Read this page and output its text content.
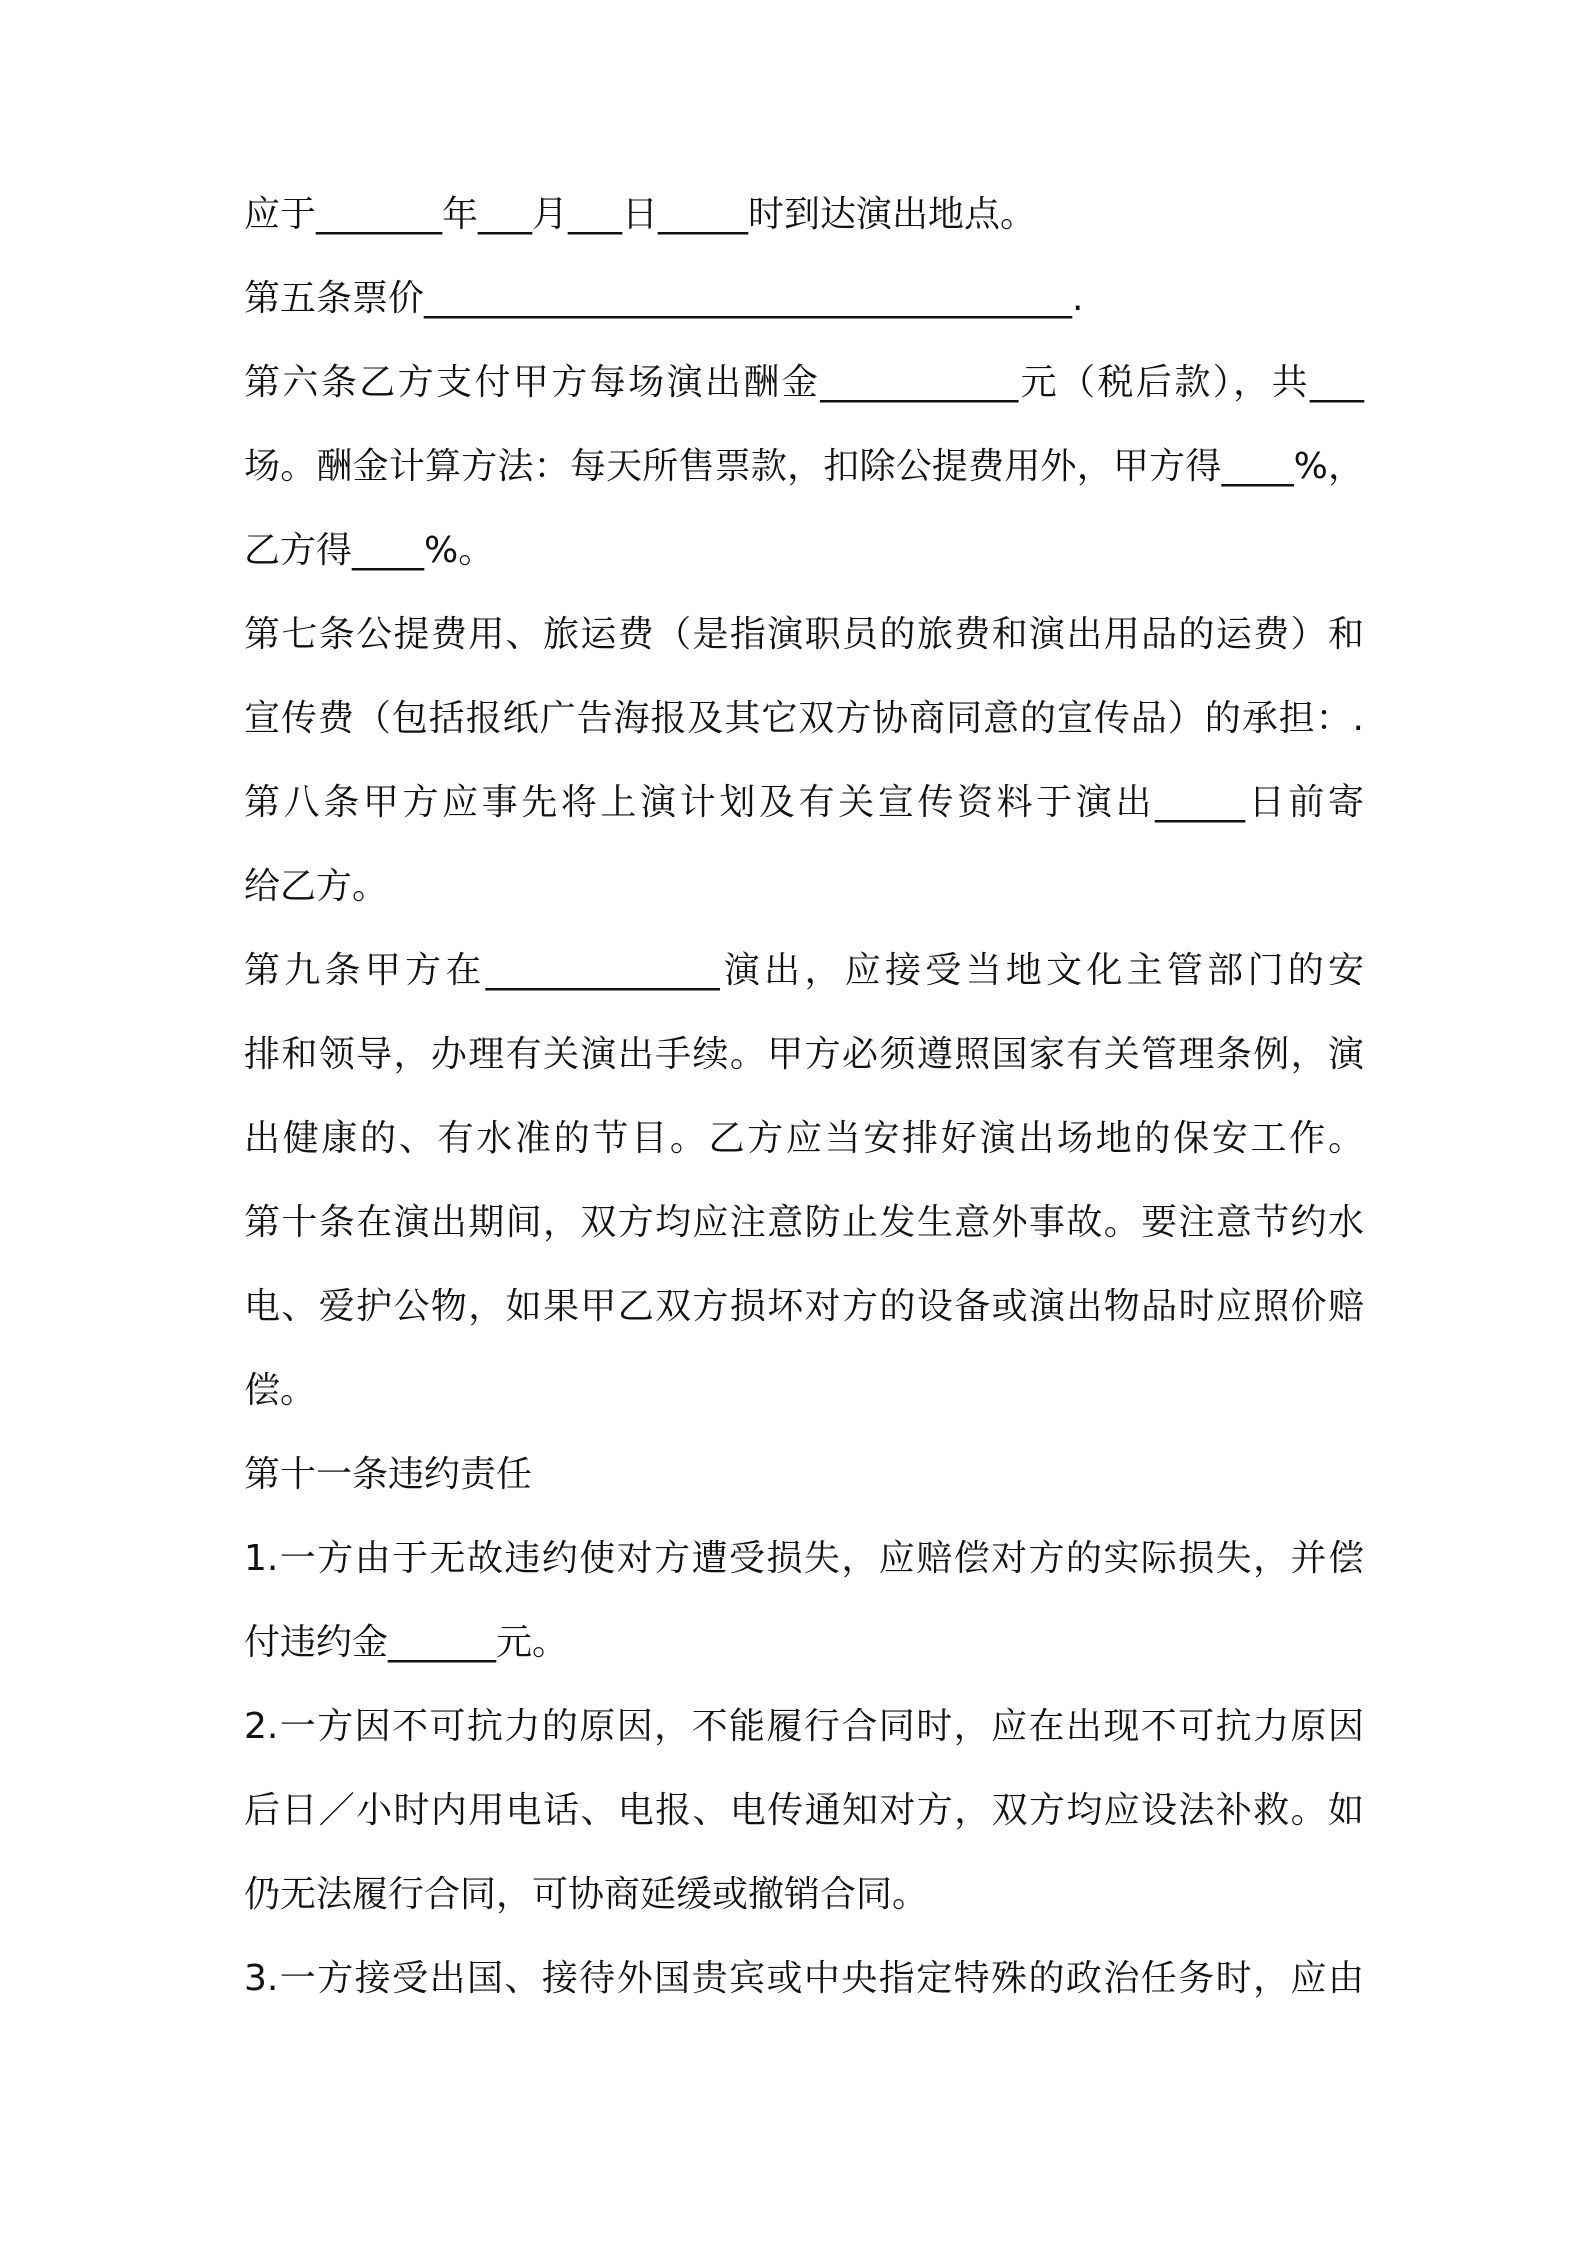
应于_______年___月___日_____时到达演出地点。
第五条票价____________________________________.
第六条乙方支付甲方每场演出酬金___________元（税后款），共___
场。酬金计算方法：每天所售票款，扣除公提费用外，甲方得____%，
乙方得____%。
第七条公提费用、旅运费（是指演职员的旅费和演出用品的运费）和
宣传费（包括报纸广告海报及其它双方协商同意的宣传品）的承担：.
第八条甲方应事先将上演计划及有关宣传资料于演出_____日前寄
给乙方。
第九条甲方在_____________演出，应接受当地文化主管部门的安
排和领导，办理有关演出手续。甲方必须遵照国家有关管理条例，演
出健康的、有水准的节目。乙方应当安排好演出场地的保安工作。
第十条在演出期间，双方均应注意防止发生意外事故。要注意节约水
电、爱护公物，如果甲乙双方损坏对方的设备或演出物品时应照价赔
偿。
第十一条违约责任
1.一方由于无故违约使对方遭受损失，应赔偿对方的实际损失，并偿
付违约金______元。
2.一方因不可抗力的原因，不能履行合同时，应在出现不可抗力原因
后日／小时内用电话、电报、电传通知对方，双方均应设法补救。如
仍无法履行合同，可协商延缓或撤销合同。
3.一方接受出国、接待外国贵宾或中央指定特殊的政治任务时，应由
